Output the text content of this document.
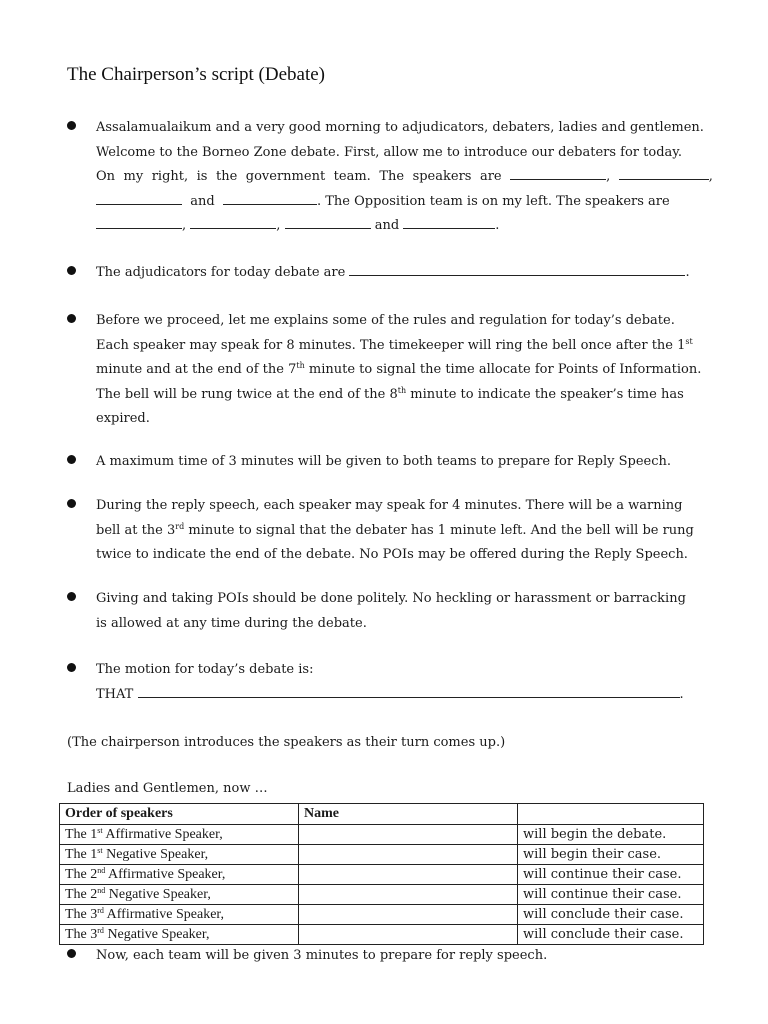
The Chairperson’s script (Debate)
Assalamualaikum and a very good morning to adjudicators, debaters, ladies and gentlemen.
Welcome to the Borneo Zone debate. First, allow me to introduce our debaters for today.
On my right, is the government team. The speakers are	,	,
and	. The Opposition team is on my left. The speakers are
,	,	and	.
The adjudicators for today debate are	.
Before we proceed, let me explains some of the rules and regulation for today’s debate.
Each speaker may speak for 8 minutes. The timekeeper will ring the bell once after the 1st
minute and at the end of the 7th minute to signal the time allocate for Points of Information.
The bell will be rung twice at the end of the 8th minute to indicate the speaker’s time has
expired.
A maximum time of 3 minutes will be given to both teams to prepare for Reply Speech.
During the reply speech, each speaker may speak for 4 minutes. There will be a warning
bell at the 3rd minute to signal that the debater has 1 minute left. And the bell will be rung
twice to indicate the end of the debate. No POIs may be offered during the Reply Speech.
Giving and taking POIs should be done politely. No heckling or harassment or barracking
is allowed at any time during the debate.
The motion for today’s debate is:
THAT	.
(The chairperson introduces the speakers as their turn comes up.)
Ladies and Gentlemen, now …
Order of speakers	Name	
The 1st Affirmative Speaker,		will begin the debate.
The 1st Negative Speaker,		will begin their case.
The 2nd Affirmative Speaker,		will continue their case.
The 2nd Negative Speaker,		will continue their case.
The 3rd Affirmative Speaker,		will conclude their case.
The 3rd Negative Speaker,		will conclude their case.
Now, each team will be given 3 minutes to prepare for reply speech.
